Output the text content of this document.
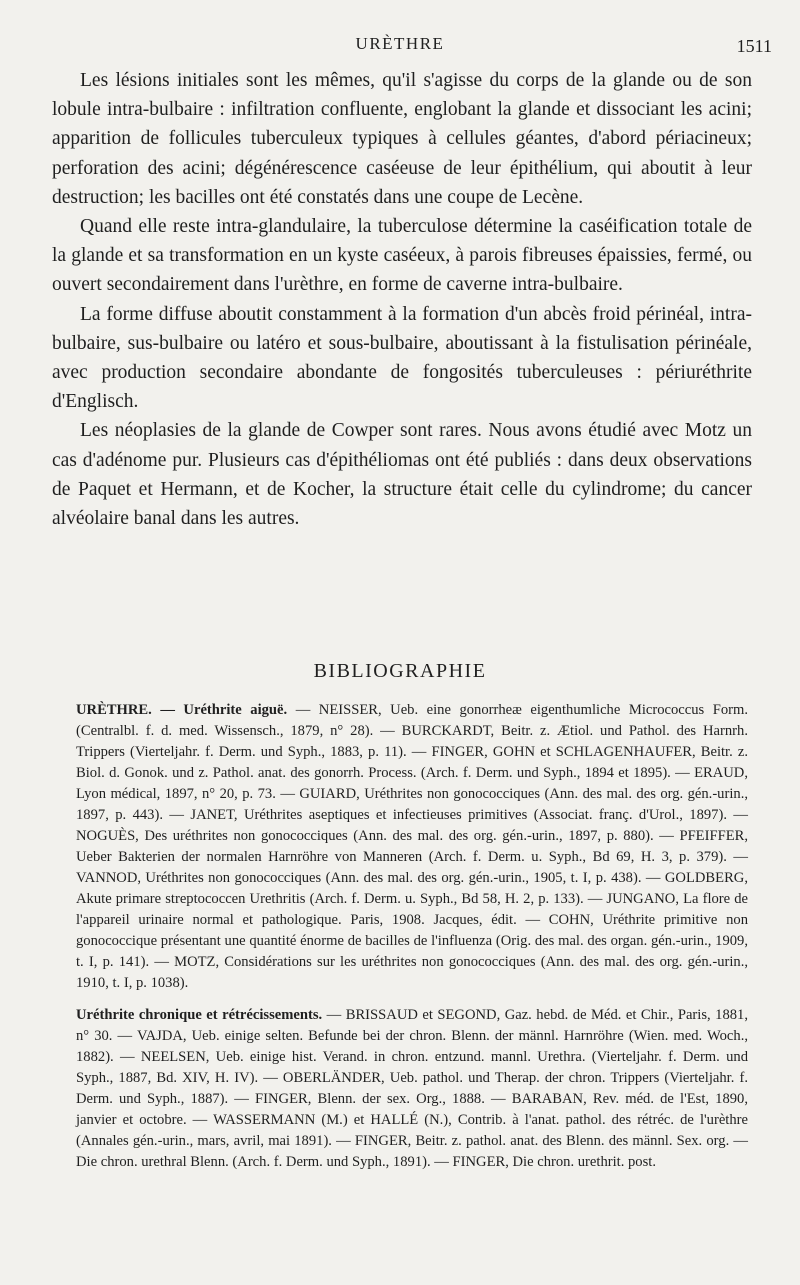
URÈTHRE	1511

Les lésions initiales sont les mêmes, qu'il s'agisse du corps de la glande ou de son lobule intra-bulbaire : infiltration confluente, englobant la glande et dissociant les acini; apparition de follicules tuberculeux typiques à cellules géantes, d'abord périacineux; perforation des acini; dégénérescence caséeuse de leur épithélium, qui aboutit à leur destruction; les bacilles ont été constatés dans une coupe de Lecène.

Quand elle reste intra-glandulaire, la tuberculose détermine la caséification totale de la glande et sa transformation en un kyste caséeux, à parois fibreuses épaissies, fermé, ou ouvert secondairement dans l'urèthre, en forme de caverne intra-bulbaire.

La forme diffuse aboutit constamment à la formation d'un abcès froid périnéal, intra-bulbaire, sus-bulbaire ou latéro et sous-bulbaire, aboutissant à la fistulisation périnéale, avec production secondaire abondante de fongosités tuberculeuses : périuréthrite d'Englisch.

Les néoplasies de la glande de Cowper sont rares. Nous avons étudié avec Motz un cas d'adénome pur. Plusieurs cas d'épithéliomas ont été publiés : dans deux observations de Paquet et Hermann, et de Kocher, la structure était celle du cylindrome; du cancer alvéolaire banal dans les autres.

BIBLIOGRAPHIE

URÈTHRE. — Uréthrite aiguë. — NEISSER, Ueb. eine gonorrheæ eigenthumliche Micrococcus Form. (Centralbl. f. d. med. Wissensch., 1879, n° 28). — BURCKARDT, Beitr. z. Ætiol. und Pathol. des Harnrh. Trippers (Vierteljahr. f. Derm. und Syph., 1883, p. 11). — FINGER, GOHN et SCHLAGENHAUFER, Beitr. z. Biol. d. Gonok. und z. Pathol. anat. des gonorrh. Process. (Arch. f. Derm. und Syph., 1894 et 1895). — ERAUD, Lyon médical, 1897, n° 20, p. 73. — GUIARD, Uréthrites non gonococciques (Ann. des mal. des org. gén.-urin., 1897, p. 443). — JANET, Uréthrites aseptiques et infectieuses primitives (Associat. franç. d'Urol., 1897). — NOGUÈS, Des uréthrites non gonococciques (Ann. des mal. des org. gén.-urin., 1897, p. 880). — PFEIFFER, Ueber Bakterien der normalen Harnröhre von Manneren (Arch. f. Derm. u. Syph., Bd 69, H. 3, p. 379). — VANNOD, Uréthrites non gonococciques (Ann. des mal. des org. gén.-urin., 1905, t. I, p. 438). — GOLDBERG, Akute primare streptococcen Urethritis (Arch. f. Derm. u. Syph., Bd 58, H. 2, p. 133). — JUNGANO, La flore de l'appareil urinaire normal et pathologique. Paris, 1908. Jacques, édit. — COHN, Uréthrite primitive non gonococcique présentant une quantité énorme de bacilles de l'influenza (Orig. des mal. des organ. gén.-urin., 1909, t. I, p. 141). — MOTZ, Considérations sur les uréthrites non gonococciques (Ann. des mal. des org. gén.-urin., 1910, t. I, p. 1038).

Uréthrite chronique et rétrécissements. — BRISSAUD et SEGOND, Gaz. hebd. de Méd. et Chir., Paris, 1881, n° 30. — VAJDA, Ueb. einige selten. Befunde bei der chron. Blenn. der männl. Harnröhre (Wien. med. Woch., 1882). — NEELSEN, Ueb. einige hist. Verand. in chron. entzund. mannl. Urethra. (Vierteljahr. f. Derm. und Syph., 1887, Bd. XIV, H. IV). — OBERLÄNDER, Ueb. pathol. und Therap. der chron. Trippers (Vierteljahr. f. Derm. und Syph., 1887). — FINGER, Blenn. der sex. Org., 1888. — BARABAN, Rev. méd. de l'Est, 1890, janvier et octobre. — WASSERMANN (M.) et HALLÉ (N.), Contrib. à l'anat. pathol. des rétréc. de l'urèthre (Annales gén.-urin., mars, avril, mai 1891). — FINGER, Beitr. z. pathol. anat. des Blenn. des männl. Sex. org. — Die chron. urethral Blenn. (Arch. f. Derm. und Syph., 1891). — FINGER, Die chron. urethrit. post.
